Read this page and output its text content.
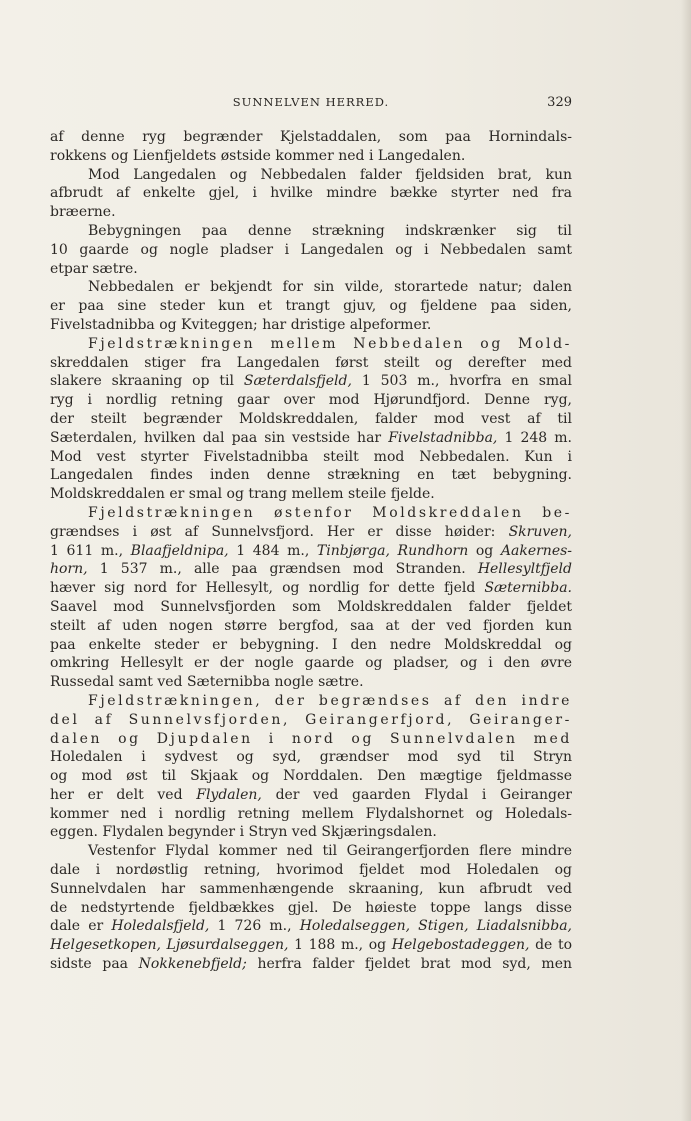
SUNNELVEN HERRED.	329
af denne ryg begrænder Kjelstaddalen, som paa Hornindals-
rokkens og Lienfjeldets østside kommer ned i Langedalen.
Mod Langedalen og Nebbedalen falder fjeldsiden brat, kun
afbrudt af enkelte gjel, i hvilke mindre bække styrter ned fra
bræerne.
Bebygningen paa denne strækning indskrænker sig til
10 gaarde og nogle pladser i Langedalen og i Nebbedalen samt
etpar sætre.
Nebbedalen er bekjendt for sin vilde, storartede natur; dalen
er paa sine steder kun et trangt gjuv, og fjeldene paa siden,
Fivelstadnibba og Kviteggen; har dristige alpeformer.
Fjeldstrækningen mellem Nebbedalen og Mold-
skreddalen stiger fra Langedalen først steilt og derefter med
slakere skraaning op til Sæterdalsfjeld, 1 503 m., hvorfra en smal
ryg i nordlig retning gaar over mod Hjørundfjord. Denne ryg,
der steilt begrænder Moldskreddalen, falder mod vest af til
Sæterdalen, hvilken dal paa sin vestside har Fivelstadnibba, 1 248 m.
Mod vest styrter Fivelstadnibba steilt mod Nebbedalen. Kun i
Langedalen findes inden denne strækning en tæt bebygning.
Moldskreddalen er smal og trang mellem steile fjelde.
Fjeldstrækningen østenfor Moldskreddalen be-
grændses i øst af Sunnelvsfjord. Her er disse høider: Skruven,
1 611 m., Blaafjeldnipa, 1 484 m., Tinbjørga, Rundhorn og Aakernes-
horn, 1 537 m., alle paa grændsen mod Stranden. Hellesyltfjeld
hæver sig nord for Hellesylt, og nordlig for dette fjeld Sæternibba.
Saavel mod Sunnelvsfjorden som Moldskreddalen falder fjeldet
steilt af uden nogen større bergfod, saa at der ved fjorden kun
paa enkelte steder er bebygning. I den nedre Moldskreddal og
omkring Hellesylt er der nogle gaarde og pladser, og i den øvre
Russedal samt ved Sæternibba nogle sætre.
Fjeldstrækningen, der begrændses af den indre
del af Sunnelvsfjorden, Geirangerfjord, Geiranger-
dalen og Djupdalen i nord og Sunnelvdalen med
Holedalen i sydvest og syd, grændser mod syd til Stryn
og mod øst til Skjaak og Norddalen. Den mægtige fjeldmasse
her er delt ved Flydalen, der ved gaarden Flydal i Geiranger
kommer ned i nordlig retning mellem Flydalshornet og Holedals-
eggen. Flydalen begynder i Stryn ved Skjæringsdalen.
Vestenfor Flydal kommer ned til Geirangerfjorden flere mindre
dale i nordøstlig retning, hvorimod fjeldet mod Holedalen og
Sunnelvdalen har sammenhængende skraaning, kun afbrudt ved
de nedstyrtende fjeldbækkes gjel. De høieste toppe langs disse
dale er Holedalsfjeld, 1 726 m., Holedalseggen, Stigen, Liadalsnibba,
Helgesetkopen, Ljøsurdalseggen, 1 188 m., og Helgebostadeggen, de to
sidste paa Nokkenebfjeld; herfra falder fjeldet brat mod syd, men
